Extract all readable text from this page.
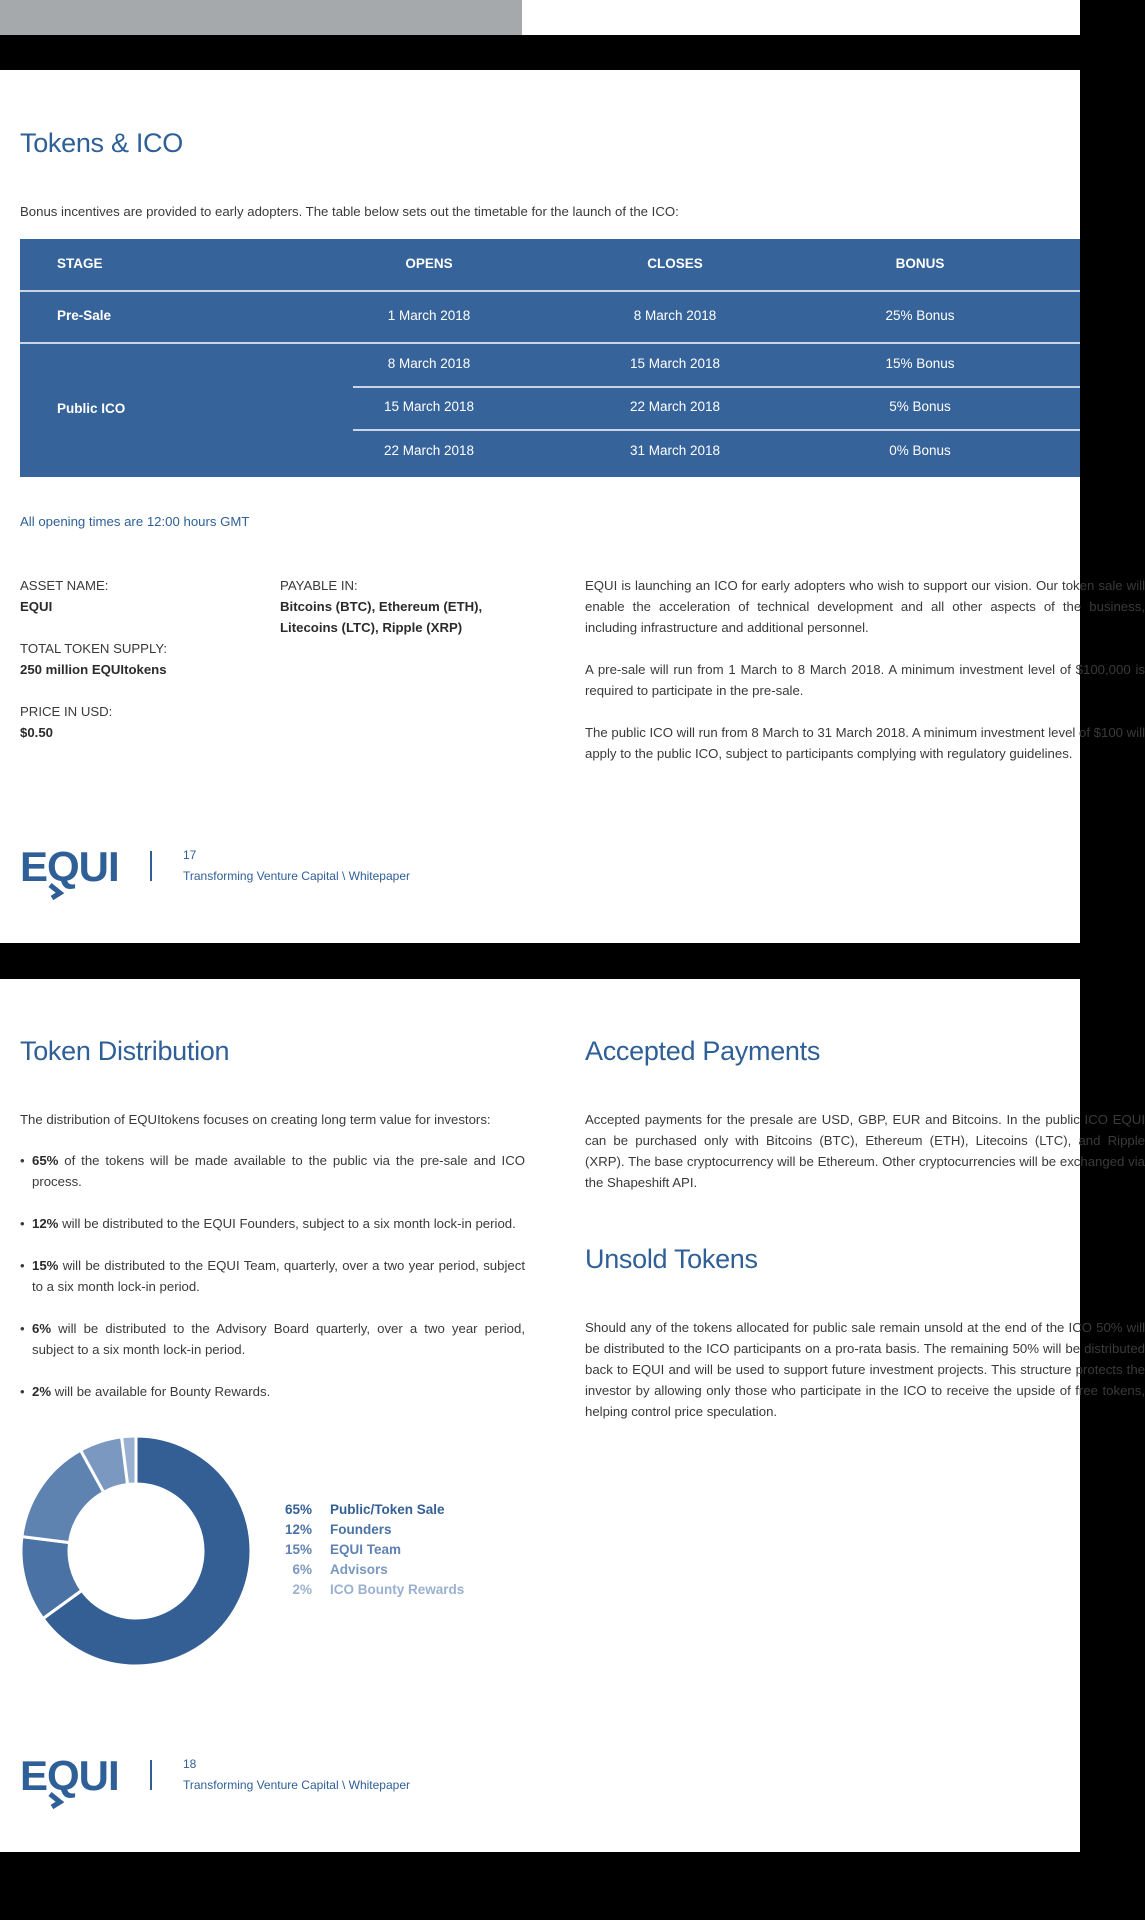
Tokens & ICO

Bonus incentives are provided to early adopters. The table below sets out the timetable for the launch of the ICO:

STAGE	OPENS	CLOSES	BONUS
Pre-Sale	1 March 2018	8 March 2018	25% Bonus
Public ICO
8 March 2018	15 March 2018	15% Bonus
15 March 2018	22 March 2018	5% Bonus
22 March 2018	31 March 2018	0% Bonus
All opening times are 12:00 hours GMT
ASSET NAME:
EQUI
TOTAL TOKEN SUPPLY:
250 million EQUItokens
PRICE IN USD:
$0.50
PAYABLE IN:
Bitcoins (BTC), Ethereum (ETH),
Litecoins (LTC), Ripple (XRP)
EQUI is launching an ICO for early adopters who wish to support our vision. Our token sale will enable the acceleration of technical development and all other aspects of the business, including infrastructure and additional personnel.
A pre-sale will run from 1 March to 8 March 2018. A minimum investment level of $100,000 is required to participate in the pre-sale.
The public ICO will run from 8 March to 31 March 2018. A minimum investment level of $100 will apply to the public ICO, subject to participants complying with regulatory guidelines.
EQUI	17
Transforming Venture Capital \ Whitepaper
Token Distribution

The distribution of EQUItokens focuses on creating long term value for investors:

• 65% of the tokens will be made available to the public via the pre-sale and ICO process.
• 12% will be distributed to the EQUI Founders, subject to a six month lock-in period.
• 15% will be distributed to the EQUI Team, quarterly, over a two year period, subject to a six month lock-in period.
• 6% will be distributed to the Advisory Board quarterly, over a two year period, subject to a six month lock-in period.
• 2% will be available for Bounty Rewards.
65% Public/Token Sale
12% Founders
15% EQUI Team
6% Advisors
2% ICO Bounty Rewards
Accepted Payments
Accepted payments for the presale are USD, GBP, EUR and Bitcoins. In the public ICO EQUI can be purchased only with Bitcoins (BTC), Ethereum (ETH), Litecoins (LTC), and Ripple (XRP). The base cryptocurrency will be Ethereum. Other cryptocurrencies will be exchanged via the Shapeshift API.
Unsold Tokens
Should any of the tokens allocated for public sale remain unsold at the end of the ICO 50% will be distributed to the ICO participants on a pro-rata basis. The remaining 50% will be distributed back to EQUI and will be used to support future investment projects. This structure protects the investor by allowing only those who participate in the ICO to receive the upside of free tokens, helping control price speculation.
EQUI	18
Transforming Venture Capital \ Whitepaper
